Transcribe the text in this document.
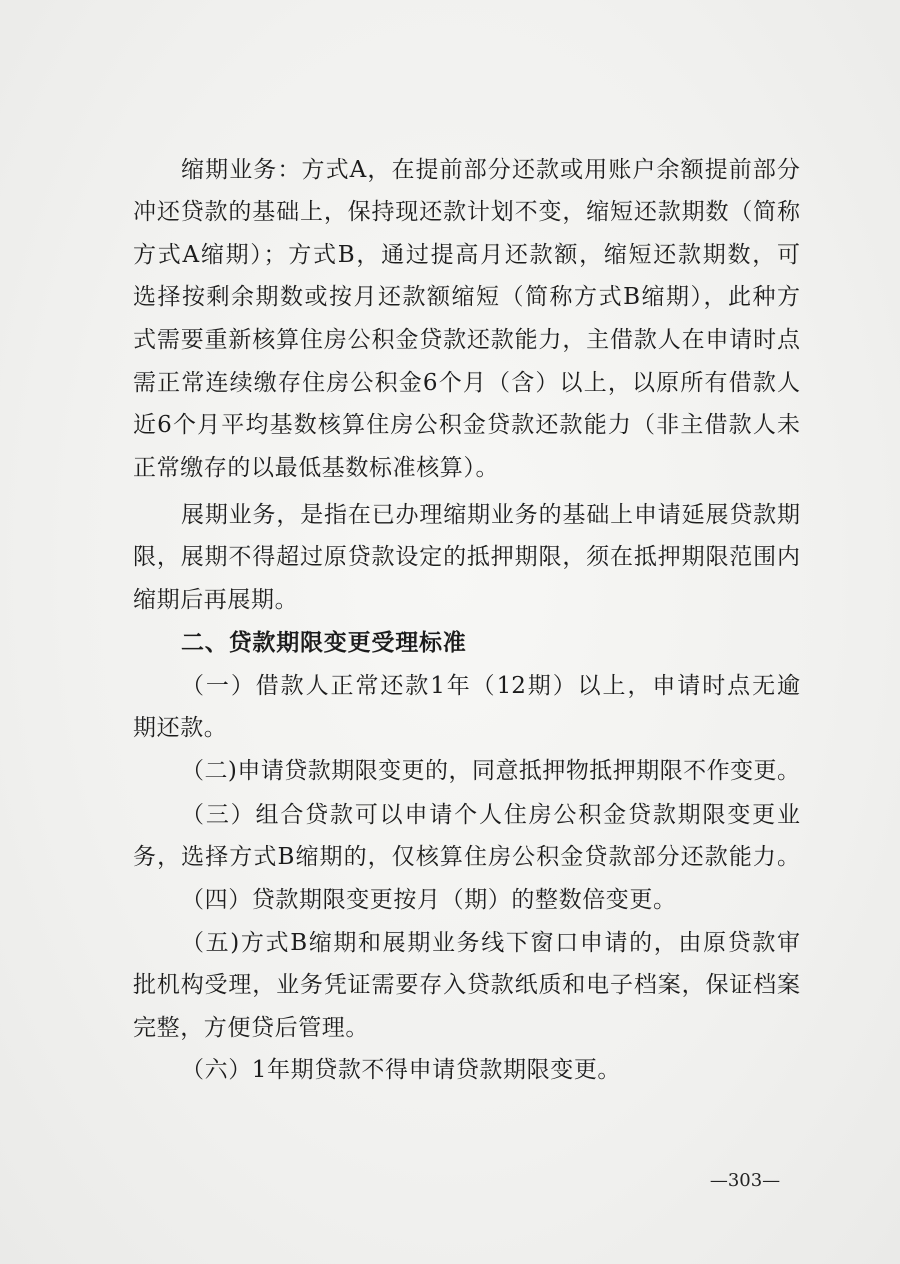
缩期业务：方式A，在提前部分还款或用账户余额提前部分
冲还贷款的基础上，保持现还款计划不变，缩短还款期数（简称
方式A缩期）；方式B，通过提高月还款额，缩短还款期数，可
选择按剩余期数或按月还款额缩短（简称方式B缩期），此种方
式需要重新核算住房公积金贷款还款能力，主借款人在申请时点
需正常连续缴存住房公积金6个月（含）以上，以原所有借款人
近6个月平均基数核算住房公积金贷款还款能力（非主借款人未
正常缴存的以最低基数标准核算）。
展期业务，是指在已办理缩期业务的基础上申请延展贷款期
限，展期不得超过原贷款设定的抵押期限，须在抵押期限范围内
缩期后再展期。
二、贷款期限变更受理标准
（一）借款人正常还款1年（12期）以上，申请时点无逾
期还款。
（二)申请贷款期限变更的，同意抵押物抵押期限不作变更。
（三）组合贷款可以申请个人住房公积金贷款期限变更业
务，选择方式B缩期的，仅核算住房公积金贷款部分还款能力。
（四）贷款期限变更按月（期）的整数倍变更。
（五)方式B缩期和展期业务线下窗口申请的，由原贷款审
批机构受理，业务凭证需要存入贷款纸质和电子档案，保证档案
完整，方便贷后管理。
（六）1年期贷款不得申请贷款期限变更。
—303—
